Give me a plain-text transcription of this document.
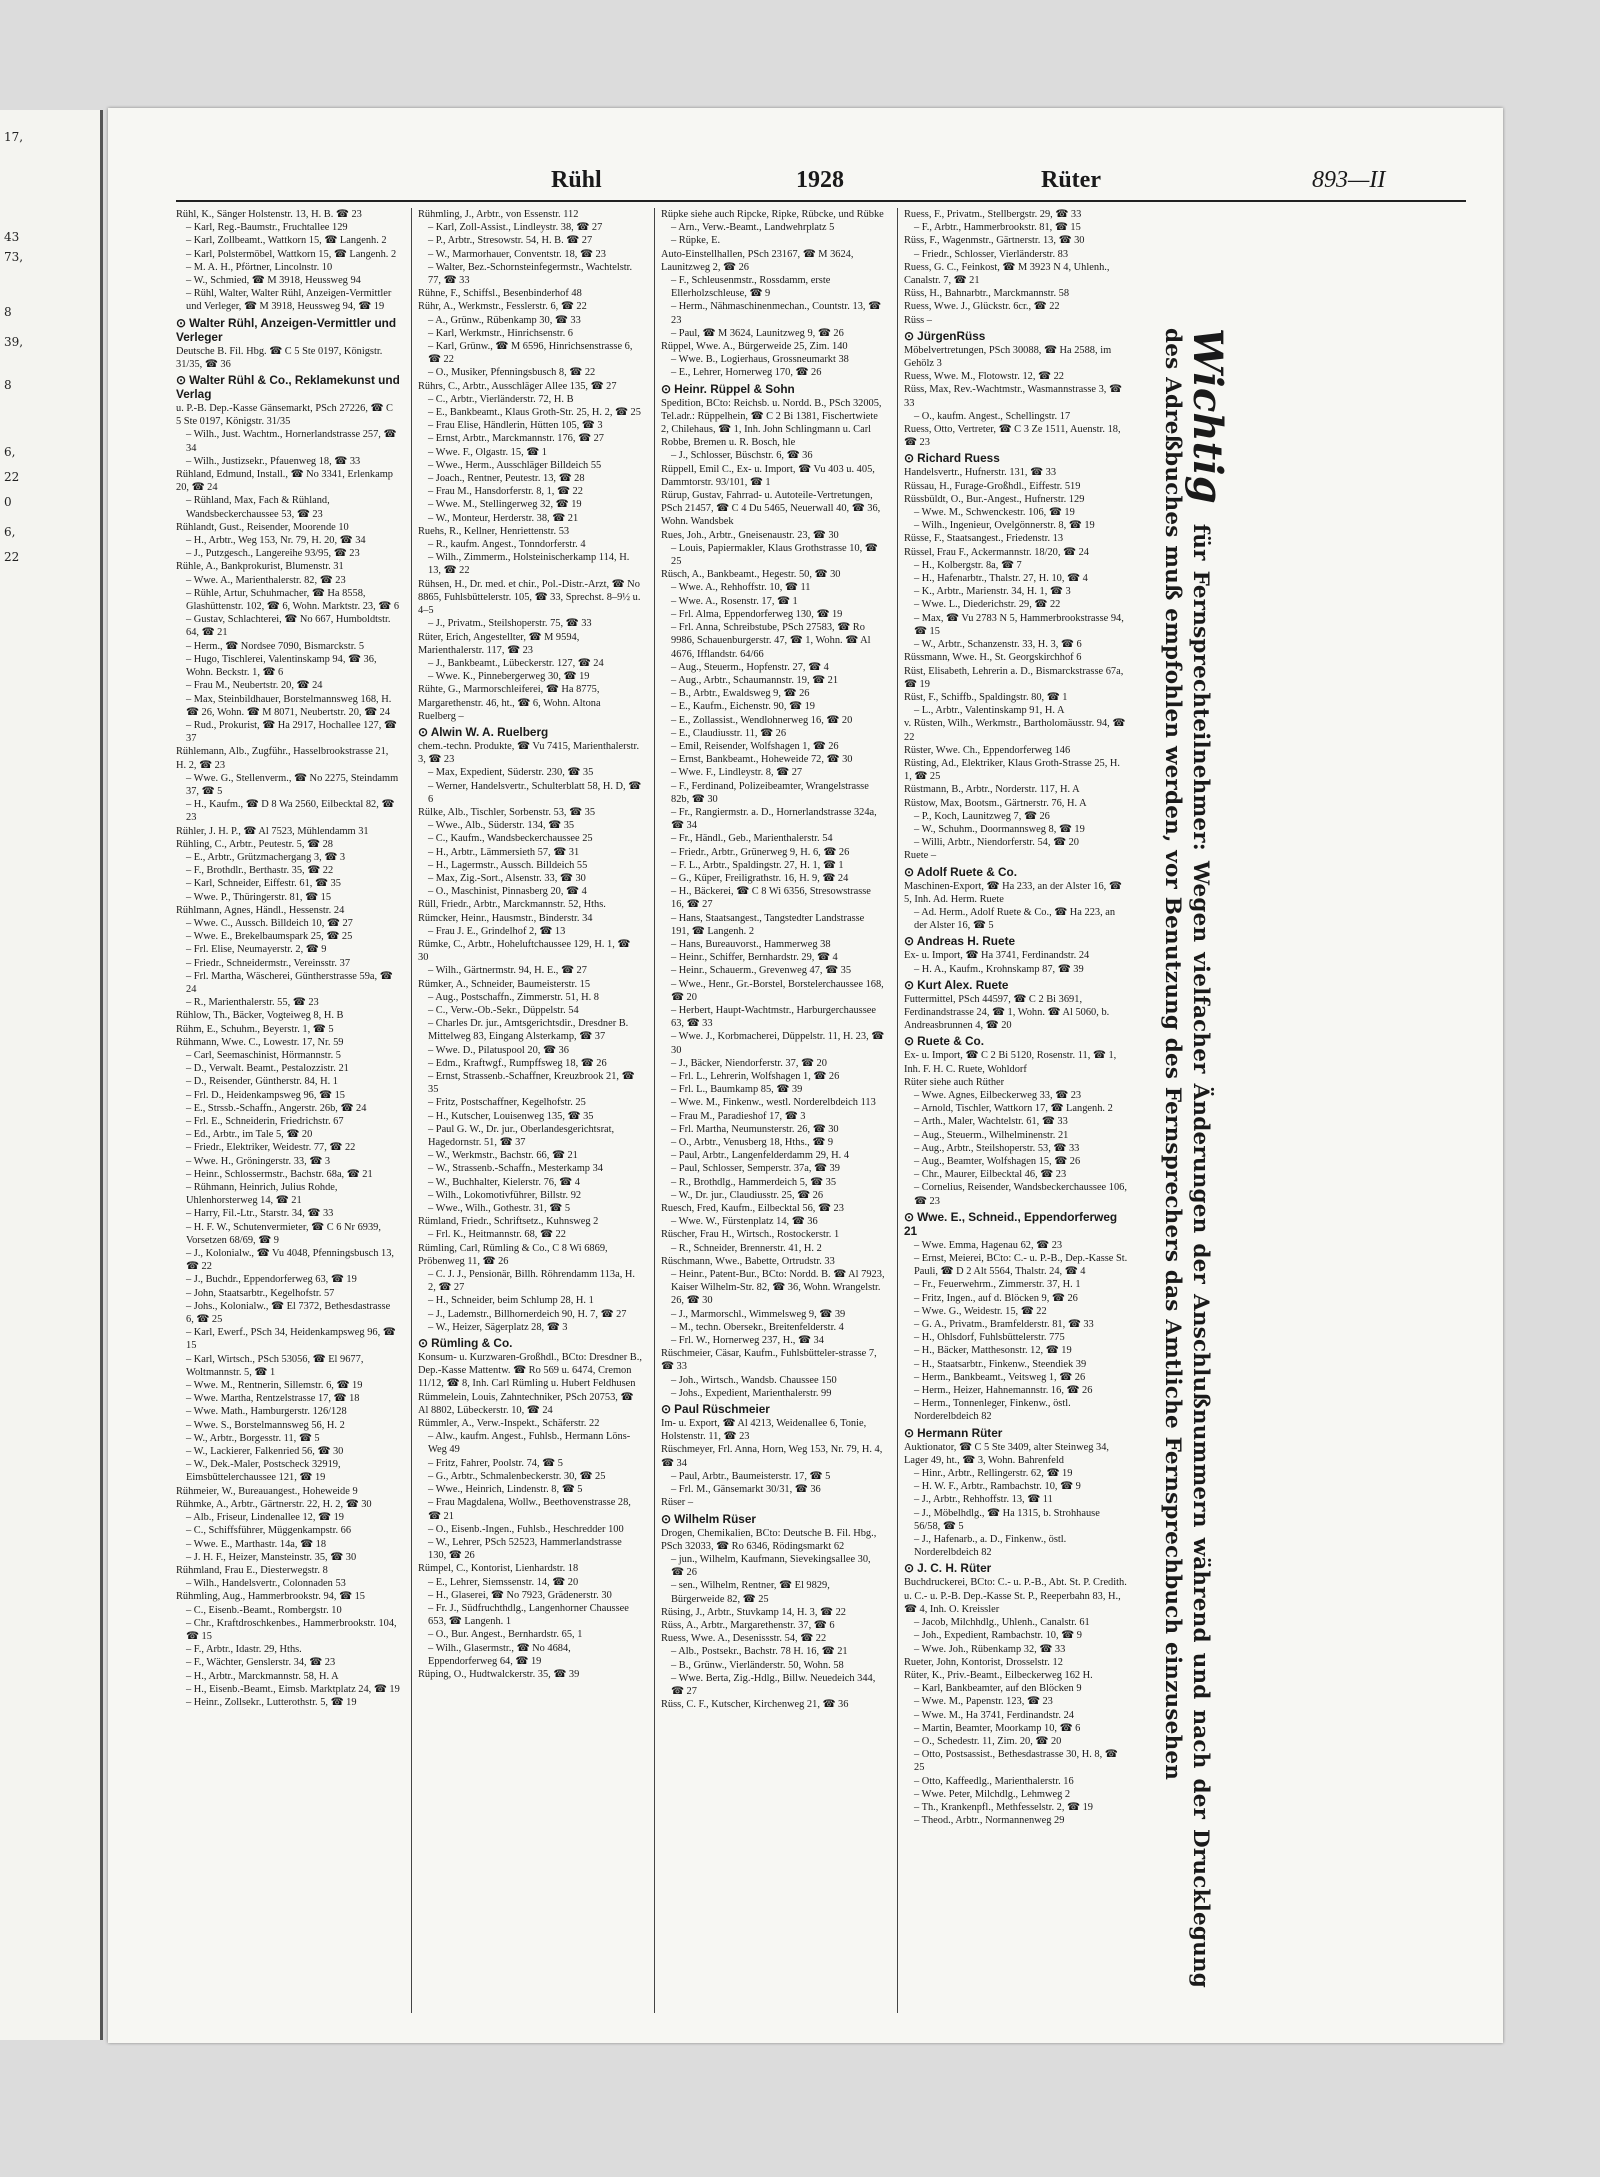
17,
43
73,
8
39,
8
6,
22
0
6,
22
Rühl	1928	Rüter	893—II
Rühl, K., Sänger Holstenstr. 13, H. B. ☎ 23
– Karl, Reg.-Baumstr., Fruchtallee 129
– Karl, Zollbeamt., Wattkorn 15, ☎ Langenh. 2
– Karl, Polstermöbel, Wattkorn 15, ☎ Langenh. 2
– M. A. H., Pförtner, Lincolnstr. 10
– W., Schmied, ☎ M 3918, Heussweg 94
– Rühl, Walter, Walter Rühl, Anzeigen-Vermittler und Verleger, ☎ M 3918, Heussweg 94, ☎ 19
⊙ Walter Rühl, Anzeigen-Vermittler und Verleger
Deutsche B. Fil. Hbg. ☎ C 5 Ste 0197, Königstr. 31/35, ☎ 36
⊙ Walter Rühl & Co., Reklamekunst und Verlag
u. P.-B. Dep.-Kasse Gänsemarkt, PSch 27226, ☎ C 5 Ste 0197, Königstr. 31/35
– Wilh., Just. Wachtm., Hornerlandstrasse 257, ☎ 34
– Wilh., Justizsekr., Pfauenweg 18, ☎ 33
Rühland, Edmund, Install., ☎ No 3341, Erlenkamp 20, ☎ 24
– Rühland, Max, Fach & Rühland, Wandsbeckerchaussee 53, ☎ 23
Rühlandt, Gust., Reisender, Moorende 10
– H., Arbtr., Weg 153, Nr. 79, H. 20, ☎ 34
– J., Putzgesch., Langereihe 93/95, ☎ 23
Rühle, A., Bankprokurist, Blumenstr. 31
– Wwe. A., Marienthalerstr. 82, ☎ 23
– Rühle, Artur, Schuhmacher, ☎ Ha 8558, Glashüttenstr. 102, ☎ 6, Wohn. Marktstr. 23, ☎ 6
– Gustav, Schlachterei, ☎ No 667, Humboldtstr. 64, ☎ 21
– Herm., ☎ Nordsee 7090, Bismarckstr. 5
– Hugo, Tischlerei, Valentinskamp 94, ☎ 36, Wohn. Beckstr. 1, ☎ 6
– Frau M., Neubertstr. 20, ☎ 24
– Max, Steinbildhauer, Borstelmannsweg 168, H. ☎ 26, Wohn. ☎ M 8071, Neubertstr. 20, ☎ 24
– Rud., Prokurist, ☎ Ha 2917, Hochallee 127, ☎ 37
Rühlemann, Alb., Zugführ., Hasselbrookstrasse 21, H. 2, ☎ 23
– Wwe. G., Stellenverm., ☎ No 2275, Steindamm 37, ☎ 5
– H., Kaufm., ☎ D 8 Wa 2560, Eilbecktal 82, ☎ 23
Rühler, J. H. P., ☎ Al 7523, Mühlendamm 31
Rühling, C., Arbtr., Peutestr. 5, ☎ 28
– E., Arbtr., Grützmachergang 3, ☎ 3
– F., Brothdlr., Berthastr. 35, ☎ 22
– Karl, Schneider, Eiffestr. 61, ☎ 35
– Wwe. P., Thüringerstr. 81, ☎ 15
Rühlmann, Agnes, Händl., Hessenstr. 24
– Wwe. C., Aussch. Billdeich 10, ☎ 27
– Wwe. E., Brekelbaumspark 25, ☎ 25
– Frl. Elise, Neumayerstr. 2, ☎ 9
– Friedr., Schneidermstr., Vereinsstr. 37
– Frl. Martha, Wäscherei, Güntherstrasse 59a, ☎ 24
– R., Marienthalerstr. 55, ☎ 23
Rühlow, Th., Bäcker, Vogteiweg 8, H. B
Rühm, E., Schuhm., Beyerstr. 1, ☎ 5
Rühmann, Wwe. C., Lowestr. 17, Nr. 59
– Carl, Seemaschinist, Hörmannstr. 5
– D., Verwalt. Beamt., Pestalozzistr. 21
– D., Reisender, Güntherstr. 84, H. 1
– Frl. D., Heidenkampsweg 96, ☎ 15
– E., Strssb.-Schaffn., Angerstr. 26b, ☎ 24
– Frl. E., Schneiderin, Friedrichstr. 67
– Ed., Arbtr., im Tale 5, ☎ 20
– Friedr., Elektriker, Weidestr. 77, ☎ 22
– Wwe. H., Gröningerstr. 33, ☎ 3
– Heinr., Schlossermstr., Bachstr. 68a, ☎ 21
– Rühmann, Heinrich, Julius Rohde, Uhlenhorsterweg 14, ☎ 21
– Harry, Fil.-Ltr., Starstr. 34, ☎ 33
– H. F. W., Schutenvermieter, ☎ C 6 Nr 6939, Vorsetzen 68/69, ☎ 9
– J., Kolonialw., ☎ Vu 4048, Pfenningsbusch 13, ☎ 22
– J., Buchdr., Eppendorferweg 63, ☎ 19
– John, Staatsarbtr., Kegelhofstr. 57
– Johs., Kolonialw., ☎ El 7372, Bethesdastrasse 6, ☎ 25
– Karl, Ewerf., PSch 34, Heidenkampsweg 96, ☎ 15
– Karl, Wirtsch., PSch 53056, ☎ El 9677, Woltmannstr. 5, ☎ 1
– Wwe. M., Rentnerin, Sillemstr. 6, ☎ 19
– Wwe. Martha, Rentzelstrasse 17, ☎ 18
– Wwe. Math., Hamburgerstr. 126/128
– Wwe. S., Borstelmannsweg 56, H. 2
– W., Arbtr., Borgesstr. 11, ☎ 5
– W., Lackierer, Falkenried 56, ☎ 30
– W., Dek.-Maler, Postscheck 32919, Eimsbüttelerchaussee 121, ☎ 19
Rühmeier, W., Bureauangest., Hoheweide 9
Rühmke, A., Arbtr., Gärtnerstr. 22, H. 2, ☎ 30
– Alb., Friseur, Lindenallee 12, ☎ 19
– C., Schiffsführer, Müggenkampstr. 66
– Wwe. E., Marthastr. 14a, ☎ 18
– J. H. F., Heizer, Mansteinstr. 35, ☎ 30
Rühmland, Frau E., Diesterwegstr. 8
– Wilh., Handelsvertr., Colonnaden 53
Rühmling, Aug., Hammerbrookstr. 94, ☎ 15
– C., Eisenb.-Beamt., Rombergstr. 10
– Chr., Kraftdroschkenbes., Hammerbrookstr. 104, ☎ 15
– F., Arbtr., Idastr. 29, Hths.
– F., Wächter, Genslerstr. 34, ☎ 23
– H., Arbtr., Marckmannstr. 58, H. A
– H., Eisenb.-Beamt., Eimsb. Marktplatz 24, ☎ 19
– Heinr., Zollsekr., Lutterothstr. 5, ☎ 19
Rühmling, J., Arbtr., von Essenstr. 112
– Karl, Zoll-Assist., Lindleystr. 38, ☎ 27
– P., Arbtr., Stresowstr. 54, H. B. ☎ 27
– W., Marmorhauer, Conventstr. 18, ☎ 23
– Walter, Bez.-Schornsteinfegermstr., Wachtelstr. 77, ☎ 33
Rühne, F., Schiffsl., Besenbinderhof 48
Rühr, A., Werkmstr., Fesslerstr. 6, ☎ 22
– A., Grünw., Rübenkamp 30, ☎ 33
– Karl, Werkmstr., Hinrichsenstr. 6
– Karl, Grünw., ☎ M 6596, Hinrichsenstrasse 6, ☎ 22
– O., Musiker, Pfenningsbusch 8, ☎ 22
Rührs, C., Arbtr., Ausschläger Allee 135, ☎ 27
– C., Arbtr., Vierländerstr. 72, H. B
– E., Bankbeamt., Klaus Groth-Str. 25, H. 2, ☎ 25
– Frau Elise, Händlerin, Hütten 105, ☎ 3
– Ernst, Arbtr., Marckmannstr. 176, ☎ 27
– Wwe. F., Olgastr. 15, ☎ 1
– Wwe., Herm., Ausschläger Billdeich 55
– Joach., Rentner, Peutestr. 13, ☎ 28
– Frau M., Hansdorferstr. 8, 1, ☎ 22
– Wwe. M., Stellingerweg 32, ☎ 19
– W., Monteur, Herderstr. 38, ☎ 21
Ruehs, R., Kellner, Henriettenstr. 53
– R., kaufm. Angest., Tonndorferstr. 4
– Wilh., Zimmerm., Holsteinischerkamp 114, H. 13, ☎ 22
Rühsen, H., Dr. med. et chir., Pol.-Distr.-Arzt, ☎ No 8865, Fuhlsbüttelerstr. 105, ☎ 33, Sprechst. 8–9½ u. 4–5
– J., Privatm., Steilshoperstr. 75, ☎ 33
Rüter, Erich, Angestellter, ☎ M 9594, Marienthalerstr. 117, ☎ 23
– J., Bankbeamt., Lübeckerstr. 127, ☎ 24
– Wwe. K., Pinnebergerweg 30, ☎ 19
Rühte, G., Marmorschleiferei, ☎ Ha 8775, Margarethenstr. 46, ht., ☎ 6, Wohn. Altona
Ruelberg –
⊙ Alwin W. A. Ruelberg
chem.-techn. Produkte, ☎ Vu 7415, Marienthalerstr. 3, ☎ 23
– Max, Expedient, Süderstr. 230, ☎ 35
– Werner, Handelsvertr., Schulterblatt 58, H. D, ☎ 6
Rülke, Alb., Tischler, Sorbenstr. 53, ☎ 35
– Wwe., Alb., Süderstr. 134, ☎ 35
– C., Kaufm., Wandsbeckerchaussee 25
– H., Arbtr., Lämmersieth 57, ☎ 31
– H., Lagermstr., Aussch. Billdeich 55
– Max, Zig.-Sort., Alsenstr. 33, ☎ 30
– O., Maschinist, Pinnasberg 20, ☎ 4
Rüll, Friedr., Arbtr., Marckmannstr. 52, Hths.
Rümcker, Heinr., Hausmstr., Binderstr. 34
– Frau J. E., Grindelhof 2, ☎ 13
Rümke, C., Arbtr., Hoheluftchaussee 129, H. 1, ☎ 30
– Wilh., Gärtnermstr. 94, H. E., ☎ 27
Rümker, A., Schneider, Baumeisterstr. 15
– Aug., Postschaffn., Zimmerstr. 51, H. 8
– C., Verw.-Ob.-Sekr., Düppelstr. 54
– Charles Dr. jur., Amtsgerichtsdir., Dresdner B. Mittelweg 83, Eingang Alsterkamp, ☎ 37
– Wwe. D., Pilatuspool 20, ☎ 36
– Edm., Kraftwgf., Rumpffsweg 18, ☎ 26
– Ernst, Strassenb.-Schaffner, Kreuzbrook 21, ☎ 35
– Fritz, Postschaffner, Kegelhofstr. 25
– H., Kutscher, Louisenweg 135, ☎ 35
– Paul G. W., Dr. jur., Oberlandesgerichtsrat, Hagedornstr. 51, ☎ 37
– W., Werkmstr., Bachstr. 66, ☎ 21
– W., Strassenb.-Schaffn., Mesterkamp 34
– W., Buchhalter, Kielerstr. 76, ☎ 4
– Wilh., Lokomotivführer, Billstr. 92
– Wwe., Wilh., Gothestr. 31, ☎ 5
Rümland, Friedr., Schriftsetz., Kuhnsweg 2
– Frl. K., Heitmannstr. 68, ☎ 22
Rümling, Carl, Rümling & Co., C 8 Wi 6869, Pröbenweg 11, ☎ 26
– C. J. J., Pensionär, Billh. Röhrendamm 113a, H. 2, ☎ 27
– H., Schneider, beim Schlump 28, H. 1
– J., Lademstr., Billhornerdeich 90, H. 7, ☎ 27
– W., Heizer, Sägerplatz 28, ☎ 3
⊙ Rümling & Co.
Konsum- u. Kurzwaren-Großhdl., BCto: Dresdner B., Dep.-Kasse Mattentw. ☎ Ro 569 u. 6474, Cremon 11/12, ☎ 8, Inh. Carl Rümling u. Hubert Feldhusen
Rümmelein, Louis, Zahntechniker, PSch 20753, ☎ Al 8802, Lübeckerstr. 10, ☎ 24
Rümmler, A., Verw.-Inspekt., Schäferstr. 22
– Alw., kaufm. Angest., Fuhlsb., Hermann Löns-Weg 49
– Fritz, Fahrer, Poolstr. 74, ☎ 5
– G., Arbtr., Schmalenbeckerstr. 30, ☎ 25
– Wwe., Heinrich, Lindenstr. 8, ☎ 5
– Frau Magdalena, Wollw., Beethovenstrasse 28, ☎ 21
– O., Eisenb.-Ingen., Fuhlsb., Heschredder 100
– W., Lehrer, PSch 52523, Hammerlandstrasse 130, ☎ 26
Rümpel, C., Kontorist, Lienhardstr. 18
– E., Lehrer, Siemssenstr. 14, ☎ 20
– H., Glaserei, ☎ No 7923, Grädenerstr. 30
– Fr. J., Südfruchthdlg., Langenhorner Chaussee 653, ☎ Langenh. 1
– O., Bur. Angest., Bernhardstr. 65, 1
– Wilh., Glasermstr., ☎ No 4684, Eppendorferweg 64, ☎ 19
Rüping, O., Hudtwalckerstr. 35, ☎ 39
Rüpke siehe auch Ripcke, Ripke, Rübcke, und Rübke
– Arn., Verw.-Beamt., Landwehrplatz 5
– Rüpke, E.
Auto-Einstellhallen, PSch 23167, ☎ M 3624, Launitzweg 2, ☎ 26
– F., Schleusenmstr., Rossdamm, erste Ellerholzschleuse, ☎ 9
– Herm., Nähmaschinenmechan., Countstr. 13, ☎ 23
– Paul, ☎ M 3624, Launitzweg 9, ☎ 26
Rüppel, Wwe. A., Bürgerweide 25, Zim. 140
– Wwe. B., Logierhaus, Grossneumarkt 38
– E., Lehrer, Hornerweg 170, ☎ 26
⊙ Heinr. Rüppel & Sohn
Spedition, BCto: Reichsb. u. Nordd. B., PSch 32005, Tel.adr.: Rüppelhein, ☎ C 2 Bi 1381, Fischertwiete 2, Chilehaus, ☎ 1, Inh. John Schlingmann u. Carl Robbe, Bremen u. R. Bosch, hle
– J., Schlosser, Büschstr. 6, ☎ 36
Rüppell, Emil C., Ex- u. Import, ☎ Vu 403 u. 405, Dammtorstr. 93/101, ☎ 1
Rürup, Gustav, Fahrrad- u. Autoteile-Vertretungen, PSch 21457, ☎ C 4 Du 5465, Neuerwall 40, ☎ 36, Wohn. Wandsbek
Rues, Joh., Arbtr., Gneisenaustr. 23, ☎ 30
– Louis, Papiermakler, Klaus Grothstrasse 10, ☎ 25
Rüsch, A., Bankbeamt., Hegestr. 50, ☎ 30
– Wwe. A., Rehhoffstr. 10, ☎ 11
– Wwe. A., Rosenstr. 17, ☎ 1
– Frl. Alma, Eppendorferweg 130, ☎ 19
– Frl. Anna, Schreibstube, PSch 27583, ☎ Ro 9986, Schauenburgerstr. 47, ☎ 1, Wohn. ☎ Al 4676, Ifflandstr. 64/66
– Aug., Steuerm., Hopfenstr. 27, ☎ 4
– Aug., Arbtr., Schaumannstr. 19, ☎ 21
– B., Arbtr., Ewaldsweg 9, ☎ 26
– E., Kaufm., Eichenstr. 90, ☎ 19
– E., Zollassist., Wendlohnerweg 16, ☎ 20
– E., Claudiusstr. 11, ☎ 26
– Emil, Reisender, Wolfshagen 1, ☎ 26
– Ernst, Bankbeamt., Hoheweide 72, ☎ 30
– Wwe. F., Lindleystr. 8, ☎ 27
– F., Ferdinand, Polizeibeamter, Wrangelstrasse 82b, ☎ 30
– Fr., Rangiermstr. a. D., Hornerlandstrasse 324a, ☎ 34
– Fr., Händl., Geb., Marienthalerstr. 54
– Friedr., Arbtr., Grünerweg 9, H. 6, ☎ 26
– F. L., Arbtr., Spaldingstr. 27, H. 1, ☎ 1
– G., Küper, Freiligrathstr. 16, H. 9, ☎ 24
– H., Bäckerei, ☎ C 8 Wi 6356, Stresowstrasse 16, ☎ 27
– Hans, Staatsangest., Tangstedter Landstrasse 191, ☎ Langenh. 2
– Hans, Bureauvorst., Hammerweg 38
– Heinr., Schiffer, Bernhardstr. 29, ☎ 4
– Heinr., Schauerm., Grevenweg 47, ☎ 35
– Wwe., Henr., Gr.-Borstel, Borstelerchaussee 168, ☎ 20
– Herbert, Haupt-Wachtmstr., Harburgerchaussee 63, ☎ 33
– Wwe. J., Korbmacherei, Düppelstr. 11, H. 23, ☎ 30
– J., Bäcker, Niendorferstr. 37, ☎ 20
– Frl. L., Lehrerin, Wolfshagen 1, ☎ 26
– Frl. L., Baumkamp 85, ☎ 39
– Wwe. M., Finkenw., westl. Norderelbdeich 113
– Frau M., Paradieshof 17, ☎ 3
– Frl. Martha, Neumunsterstr. 26, ☎ 30
– O., Arbtr., Venusberg 18, Hths., ☎ 9
– Paul, Arbtr., Langenfelderdamm 29, H. 4
– Paul, Schlosser, Semperstr. 37a, ☎ 39
– R., Brothdlg., Hammerdeich 5, ☎ 35
– W., Dr. jur., Claudiusstr. 25, ☎ 26
Ruesch, Fred, Kaufm., Eilbecktal 56, ☎ 23
– Wwe. W., Fürstenplatz 14, ☎ 36
Rüscher, Frau H., Wirtsch., Rostockerstr. 1
– R., Schneider, Brennerstr. 41, H. 2
Rüschmann, Wwe., Babette, Ortrudstr. 33
– Heinr., Patent-Bur., BCto: Nordd. B. ☎ Al 7923, Kaiser Wilhelm-Str. 82, ☎ 36, Wohn. Wrangelstr. 26, ☎ 30
– J., Marmorschl., Wimmelsweg 9, ☎ 39
– M., techn. Obersekr., Breitenfelderstr. 4
– Frl. W., Hornerweg 237, H., ☎ 34
Rüschmeier, Cäsar, Kaufm., Fuhlsbütteler-strasse 7, ☎ 33
– Joh., Wirtsch., Wandsb. Chaussee 150
– Johs., Expedient, Marienthalerstr. 99
⊙ Paul Rüschmeier
Im- u. Export, ☎ Al 4213, Weidenallee 6, Tonie, Holstenstr. 11, ☎ 23
Rüschmeyer, Frl. Anna, Horn, Weg 153, Nr. 79, H. 4, ☎ 34
– Paul, Arbtr., Baumeisterstr. 17, ☎ 5
– Frl. M., Gänsemarkt 30/31, ☎ 36
Rüser –
⊙ Wilhelm Rüser
Drogen, Chemikalien, BCto: Deutsche B. Fil. Hbg., PSch 32033, ☎ Ro 6346, Rödingsmarkt 62
– jun., Wilhelm, Kaufmann, Sievekingsallee 30, ☎ 26
– sen., Wilhelm, Rentner, ☎ El 9829, Bürgerweide 82, ☎ 25
Rüsing, J., Arbtr., Stuvkamp 14, H. 3, ☎ 22
Rüss, A., Arbtr., Margarethenstr. 37, ☎ 6
Ruess, Wwe. A., Desenissstr. 54, ☎ 22
– Alb., Postsekr., Bachstr. 78 H. 16, ☎ 21
– B., Grünw., Vierländerstr. 50, Wohn. 58
– Wwe. Berta, Zig.-Hdlg., Billw. Neuedeich 344, ☎ 27
Rüss, C. F., Kutscher, Kirchenweg 21, ☎ 36
Ruess, F., Privatm., Stellbergstr. 29, ☎ 33
– F., Arbtr., Hammerbrookstr. 81, ☎ 15
Rüss, F., Wagenmstr., Gärtnerstr. 13, ☎ 30
– Friedr., Schlosser, Vierländerstr. 83
Ruess, G. C., Feinkost, ☎ M 3923 N 4, Uhlenh., Canalstr. 7, ☎ 21
Rüss, H., Bahnarbtr., Marckmannstr. 58
Ruess, Wwe. J., Glückstr. 6cr., ☎ 22
Rüss –
⊙ JürgenRüss
Möbelvertretungen, PSch 30088, ☎ Ha 2588, im Gehölz 3
Ruess, Wwe. M., Flotowstr. 12, ☎ 22
Rüss, Max, Rev.-Wachtmstr., Wasmannstrasse 3, ☎ 33
– O., kaufm. Angest., Schellingstr. 17
Ruess, Otto, Vertreter, ☎ C 3 Ze 1511, Auenstr. 18, ☎ 23
⊙ Richard Ruess
Handelsvertr., Hufnerstr. 131, ☎ 33
Rüssau, H., Furage-Großhdl., Eiffestr. 519
Rüssbüldt, O., Bur.-Angest., Hufnerstr. 129
– Wwe. M., Schwenckestr. 106, ☎ 19
– Wilh., Ingenieur, Ovelgönnerstr. 8, ☎ 19
Rüsse, F., Staatsangest., Friedenstr. 13
Rüssel, Frau F., Ackermannstr. 18/20, ☎ 24
– H., Kolbergstr. 8a, ☎ 7
– H., Hafenarbtr., Thalstr. 27, H. 10, ☎ 4
– K., Arbtr., Marienstr. 34, H. 1, ☎ 3
– Wwe. L., Diederichstr. 29, ☎ 22
– Max, ☎ Vu 2783 N 5, Hammerbrookstrasse 94, ☎ 15
– W., Arbtr., Schanzenstr. 33, H. 3, ☎ 6
Rüssmann, Wwe. H., St. Georgskirchhof 6
Rüst, Elisabeth, Lehrerin a. D., Bismarckstrasse 67a, ☎ 19
Rüst, F., Schiffb., Spaldingstr. 80, ☎ 1
– L., Arbtr., Valentinskamp 91, H. A
v. Rüsten, Wilh., Werkmstr., Bartholomäusstr. 94, ☎ 22
Rüster, Wwe. Ch., Eppendorferweg 146
Rüsting, Ad., Elektriker, Klaus Groth-Strasse 25, H. 1, ☎ 25
Rüstmann, B., Arbtr., Norderstr. 117, H. A
Rüstow, Max, Bootsm., Gärtnerstr. 76, H. A
– P., Koch, Launitzweg 7, ☎ 26
– W., Schuhm., Doormannsweg 8, ☎ 19
– Willi, Arbtr., Niendorferstr. 54, ☎ 20
Ruete –
⊙ Adolf Ruete & Co.
Maschinen-Export, ☎ Ha 233, an der Alster 16, ☎ 5, Inh. Ad. Herm. Ruete
– Ad. Herm., Adolf Ruete & Co., ☎ Ha 223, an der Alster 16, ☎ 5
⊙ Andreas H. Ruete
Ex- u. Import, ☎ Ha 3741, Ferdinandstr. 24
– H. A., Kaufm., Krohnskamp 87, ☎ 39
⊙ Kurt Alex. Ruete
Futtermittel, PSch 44597, ☎ C 2 Bi 3691, Ferdinandstrasse 24, ☎ 1, Wohn. ☎ Al 5060, b. Andreasbrunnen 4, ☎ 20
⊙ Ruete & Co.
Ex- u. Import, ☎ C 2 Bi 5120, Rosenstr. 11, ☎ 1, Inh. F. H. C. Ruete, Wohldorf
Rüter siehe auch Rüther
– Wwe. Agnes, Eilbeckerweg 33, ☎ 23
– Arnold, Tischler, Wattkorn 17, ☎ Langenh. 2
– Arth., Maler, Wachtelstr. 61, ☎ 33
– Aug., Steuerm., Wilhelminenstr. 21
– Aug., Arbtr., Steilshoperstr. 53, ☎ 33
– Aug., Beamter, Wolfshagen 15, ☎ 26
– Chr., Maurer, Eilbecktal 46, ☎ 23
– Cornelius, Reisender, Wandsbeckerchaussee 106, ☎ 23
⊙ Wwe. E., Schneid., Eppendorferweg 21
– Wwe. Emma, Hagenau 62, ☎ 23
– Ernst, Meierei, BCto: C.- u. P.-B., Dep.-Kasse St. Pauli, ☎ D 2 Alt 5564, Thalstr. 24, ☎ 4
– Fr., Feuerwehrm., Zimmerstr. 37, H. 1
– Fritz, Ingen., auf d. Blöcken 9, ☎ 26
– Wwe. G., Weidestr. 15, ☎ 22
– G. A., Privatm., Bramfelderstr. 81, ☎ 33
– H., Ohlsdorf, Fuhlsbüttelerstr. 775
– H., Bäcker, Matthesonstr. 12, ☎ 19
– H., Staatsarbtr., Finkenw., Steendiek 39
– Herm., Bankbeamt., Veitsweg 1, ☎ 26
– Herm., Heizer, Hahnemannstr. 16, ☎ 26
– Herm., Tonnenleger, Finkenw., östl. Norderelbdeich 82
⊙ Hermann Rüter
Auktionator, ☎ C 5 Ste 3409, alter Steinweg 34, Lager 49, ht., ☎ 3, Wohn. Bahrenfeld
– Hinr., Arbtr., Rellingerstr. 62, ☎ 19
– H. W. F., Arbtr., Rambachstr. 10, ☎ 9
– J., Arbtr., Rehhoffstr. 13, ☎ 11
– J., Möbelhdlg., ☎ Ha 1315, b. Strohhause 56/58, ☎ 5
– J., Hafenarb., a. D., Finkenw., östl. Norderelbdeich 82
⊙ J. C. H. Rüter
Buchdruckerei, BCto: C.- u. P.-B., Abt. St. P. Credith. u. C.- u. P.-B. Dep.-Kasse St. P., Reeperbahn 83, H., ☎ 4, Inh. O. Kreissler
– Jacob, Milchhdlg., Uhlenh., Canalstr. 61
– Joh., Expedient, Rambachstr. 10, ☎ 9
– Wwe. Joh., Rübenkamp 32, ☎ 33
Rueter, John, Kontorist, Drosselstr. 12
Rüter, K., Priv.-Beamt., Eilbeckerweg 162 H.
– Karl, Bankbeamter, auf den Blöcken 9
– Wwe. M., Papenstr. 123, ☎ 23
– Wwe. M., Ha 3741, Ferdinandstr. 24
– Martin, Beamter, Moorkamp 10, ☎ 6
– O., Schedestr. 11, Zim. 20, ☎ 20
– Otto, Postsassist., Bethesdastrasse 30, H. 8, ☎ 25
– Otto, Kaffeedlg., Marienthalerstr. 16
– Wwe. Peter, Milchdlg., Lehmweg 2
– Th., Krankenpfl., Methfesselstr. 2, ☎ 19
– Theod., Arbtr., Normannenweg 29
Wichtig für Fernsprechteilnehmer: Wegen vielfacher Änderungen der Anschlußnummern während und nach der Drucklegung des Adreßbuches muß empfohlen werden, vor Benutzung des Fernsprechers das Amtliche Fernsprechbuch einzusehen
